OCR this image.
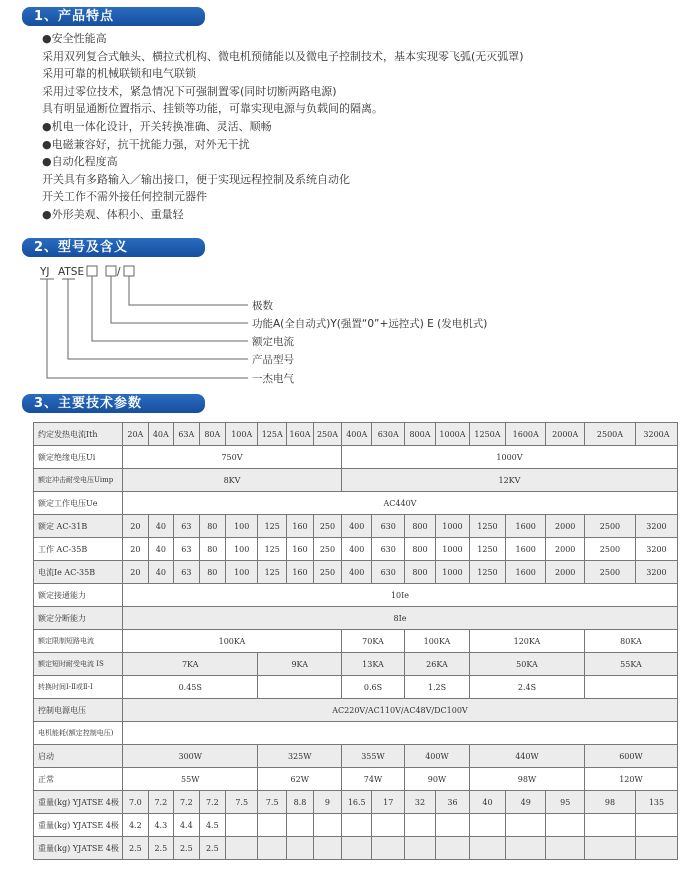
1、产品特点
●安全性能高
采用双列复合式触头、横拉式机构、微电机预储能以及微电子控制技术，基本实现零飞弧(无灭弧罩)
采用可靠的机械联锁和电气联锁
采用过零位技术，紧急情况下可强制置零(同时切断两路电源)
具有明显通断位置指示、挂锁等功能，可靠实现电源与负载间的隔离。
●机电一体化设计，开关转换准确、灵活、顺畅
●电磁兼容好，抗干扰能力强，对外无干扰
●自动化程度高
开关具有多路输入／输出接口，便于实现远程控制及系统自动化
开关工作不需外接任何控制元器件
●外形美观、体积小、重量轻
2、型号及含义
YJ ATSE	/
极数
功能A(全自动式)Y(强置“0”+远控式) E (发电机式)
额定电流
产品型号
一杰电气
3、主要技术参数
约定发热电流Ith	20A	40A	63A	80A	100A	125A	160A	250A	400A	630A	800A	1000A	1250A	1600A	2000A	2500A	3200A
额定绝缘电压Ui	750V								1000V								
额定冲击耐受电压Uimp	8KV								12KV								
额定工作电压Ue	AC440V																
额定 AC-31B	20	40	63	80	100	125	160	250	400	630	800	1000	1250	1600	2000	2500	3200
工作 AC-35B	20	40	63	80	100	125	160	250	400	630	800	1000	1250	1600	2000	2500	3200
电流Ie AC-35B	20	40	63	80	100	125	160	250	400	630	800	1000	1250	1600	2000	2500	3200
额定接通能力	10Ie																
额定分断能力	8Ie																
额定限制短路电流	100KA								70KA		100KA		120KA			80KA	
额定短时耐受电流 IS	7KA					9KA			13KA		26KA		50KA			55KA	
转换时间Ⅰ-Ⅱ或Ⅱ-Ⅰ	0.45S								0.6S		1.2S		2.4S				
控制电源电压	AC220V/AC110V/AC48V/DC100V																
电机能耗(额定控制电压)																	
启动	300W					325W			355W		400W		440W			600W	
正常	55W					62W			74W		90W		98W			120W	
重量(kg) YJATSE 4极	7.0	7.2	7.2	7.2	7.5	7.5	8.8	9	16.5	17	32	36	40	49	95	98	135
重量(kg) YJATSE 4极	4.2	4.3	4.4	4.5													
重量(kg) YJATSE 4极	2.5	2.5	2.5	2.5													
